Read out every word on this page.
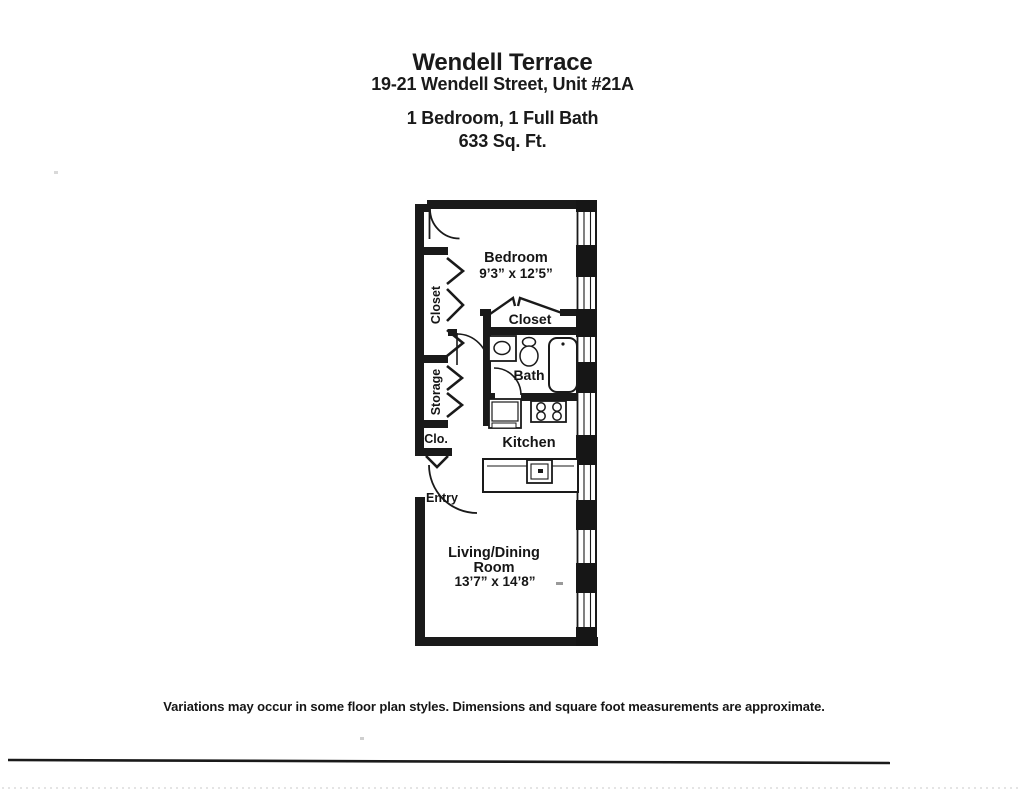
Wendell Terrace
19-21 Wendell Street, Unit #21A
1 Bedroom, 1 Full Bath
633 Sq. Ft.
Bedroom
9’3” x 12’5”
Closet
Bath
Kitchen
Living/Dining
Room
13’7” x 14’8”
Entry
Clo.
Closet
Storage
Variations may occur in some floor plan styles. Dimensions and square foot measurements are approximate.
